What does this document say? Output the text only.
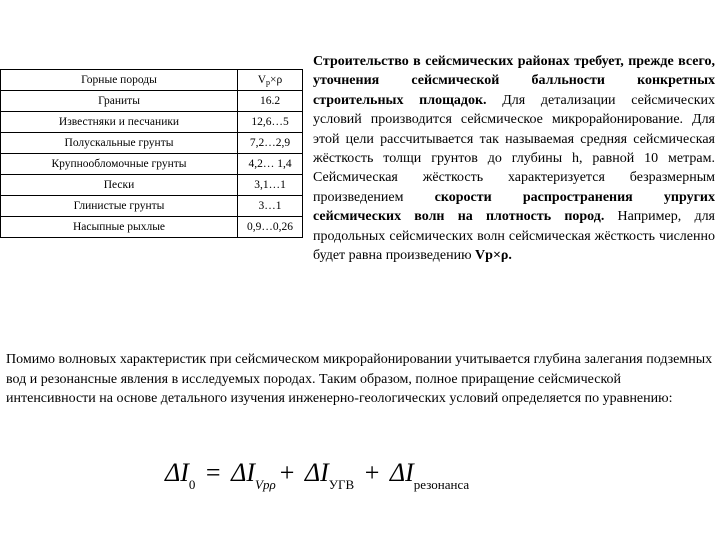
Горные породы	$V_p\times\rho$
Граниты	16.2
Известняки и песчаники	12,6…5
Полускальные грунты	7,2…2,9
Крупнообломочные грунты	4,2… 1,4
Пески	3,1…1
Глинистые грунты	3…1
Насыпные рыхлые	0,9…0,26
Строительство в сейсмических районах требует, прежде всего, уточнения сейсмической балльности конкретных строительных площадок. Для детализации сейсмических условий производится сейсмическое микрорайонирование. Для этой цели рассчитывается так называемая средняя сейсмическая жёсткость толщи грунтов до глубины h, равной 10 метрам. Сейсмическая жёсткость характеризуется безразмерным произведением скорости распространения упругих сейсмических волн на плотность пород. Например, для продольных сейсмических волн сейсмическая жёсткость численно будет равна произведению Vp×ρ.
Помимо волновых характеристик при сейсмическом микрорайонировании учитывается глубина залегания подземных вод и резонансные явления в исследуемых породах. Таким образом, полное приращение сейсмической интенсивности на основе детального изучения инженерно-геологических условий определяется по уравнению:
$\Delta I_0 = \Delta I_{Vp\rho} + \Delta I_{УГВ} + \Delta I_{резонанса}$
